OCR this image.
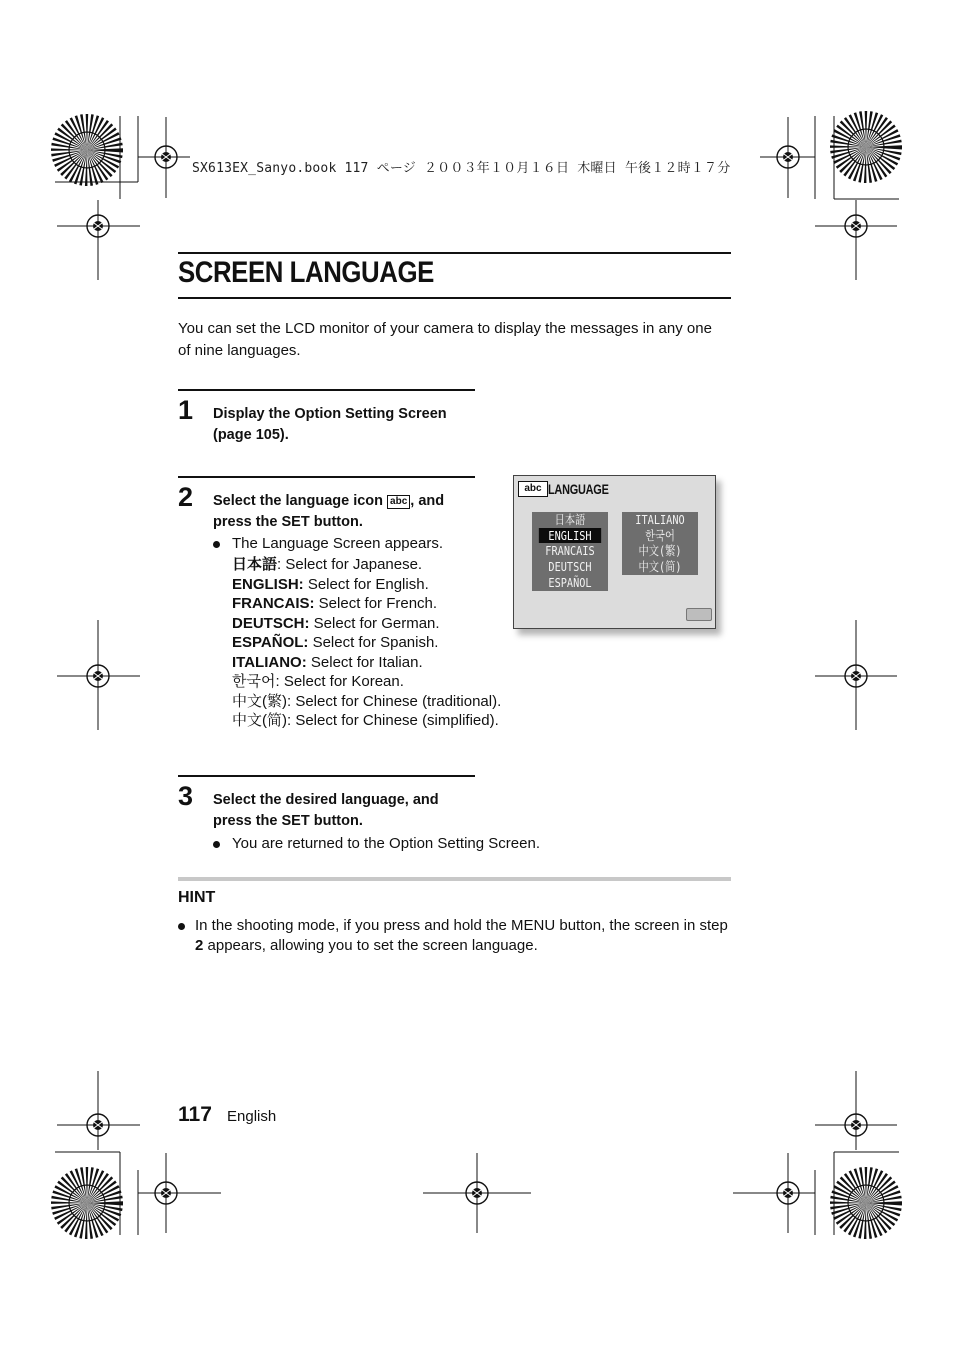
SX613EX_Sanyo.book 117 ページ ２００３年１０月１６日 木曜日 午後１２時１７分
SCREEN LANGUAGE
You can set the LCD monitor of your camera to display the messages in any one of nine languages.
1 Display the Option Setting Screen
(page 105).
2 Select the language icon abc , and
press the SET button.
The Language Screen appears.
日本語: Select for Japanese.
ENGLISH: Select for English.
FRANCAIS: Select for French.
DEUTSCH: Select for German.
ESPAÑOL: Select for Spanish.
ITALIANO: Select for Italian.
한국어: Select for Korean.
中文(繁): Select for Chinese (traditional).
中文(简): Select for Chinese (simplified).
abc LANGUAGE
日本語
ENGLISH
FRANCAIS
DEUTSCH
ESPAÑOL
ITALIANO
한국어
中文(繁)
中文(简)
3 Select the desired language, and
press the SET button.
You are returned to the Option Setting Screen.
HINT
In the shooting mode, if you press and hold the MENU button, the screen in step 2 appears, allowing you to set the screen language.
117 English
